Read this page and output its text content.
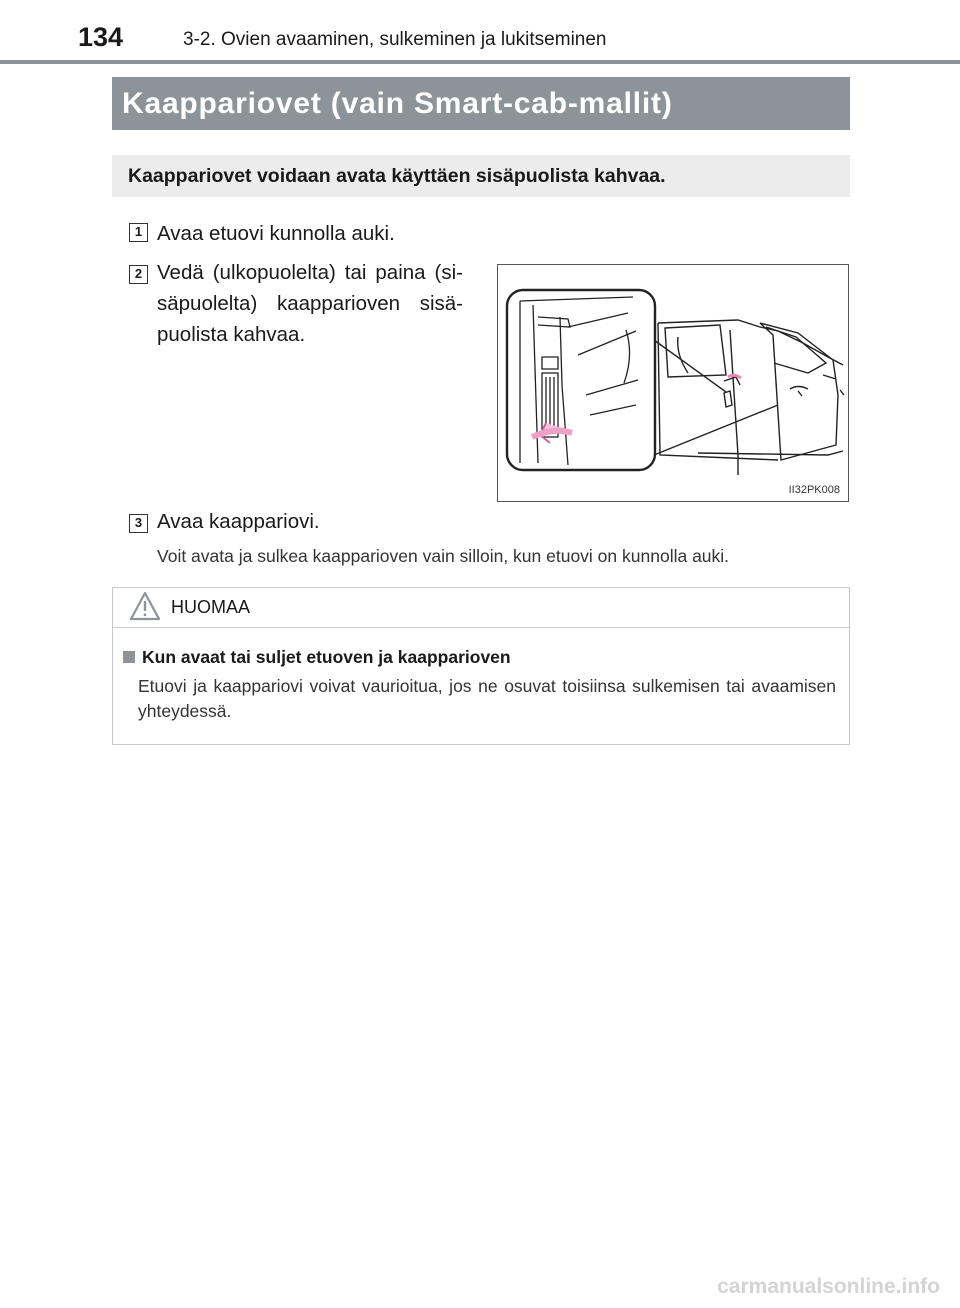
134	3-2. Ovien avaaminen, sulkeminen ja lukitseminen
Kaappariovet (vain Smart-cab-mallit)
Kaappariovet voidaan avata käyttäen sisäpuolista kahvaa.
1 Avaa etuovi kunnolla auki.
2 Vedä (ulkopuolelta) tai paina (si-säpuolelta) kaapparioven sisä-puolista kahvaa.
3 Avaa kaappariovi.
Voit avata ja sulkea kaapparioven vain silloin, kun etuovi on kunnolla auki.
II32PK008
HUOMAA
Kun avaat tai suljet etuoven ja kaapparioven
Etuovi ja kaappariovi voivat vaurioitua, jos ne osuvat toisiinsa sulkemisen tai avaamisen yhteydessä.
carmanualsonline.info
